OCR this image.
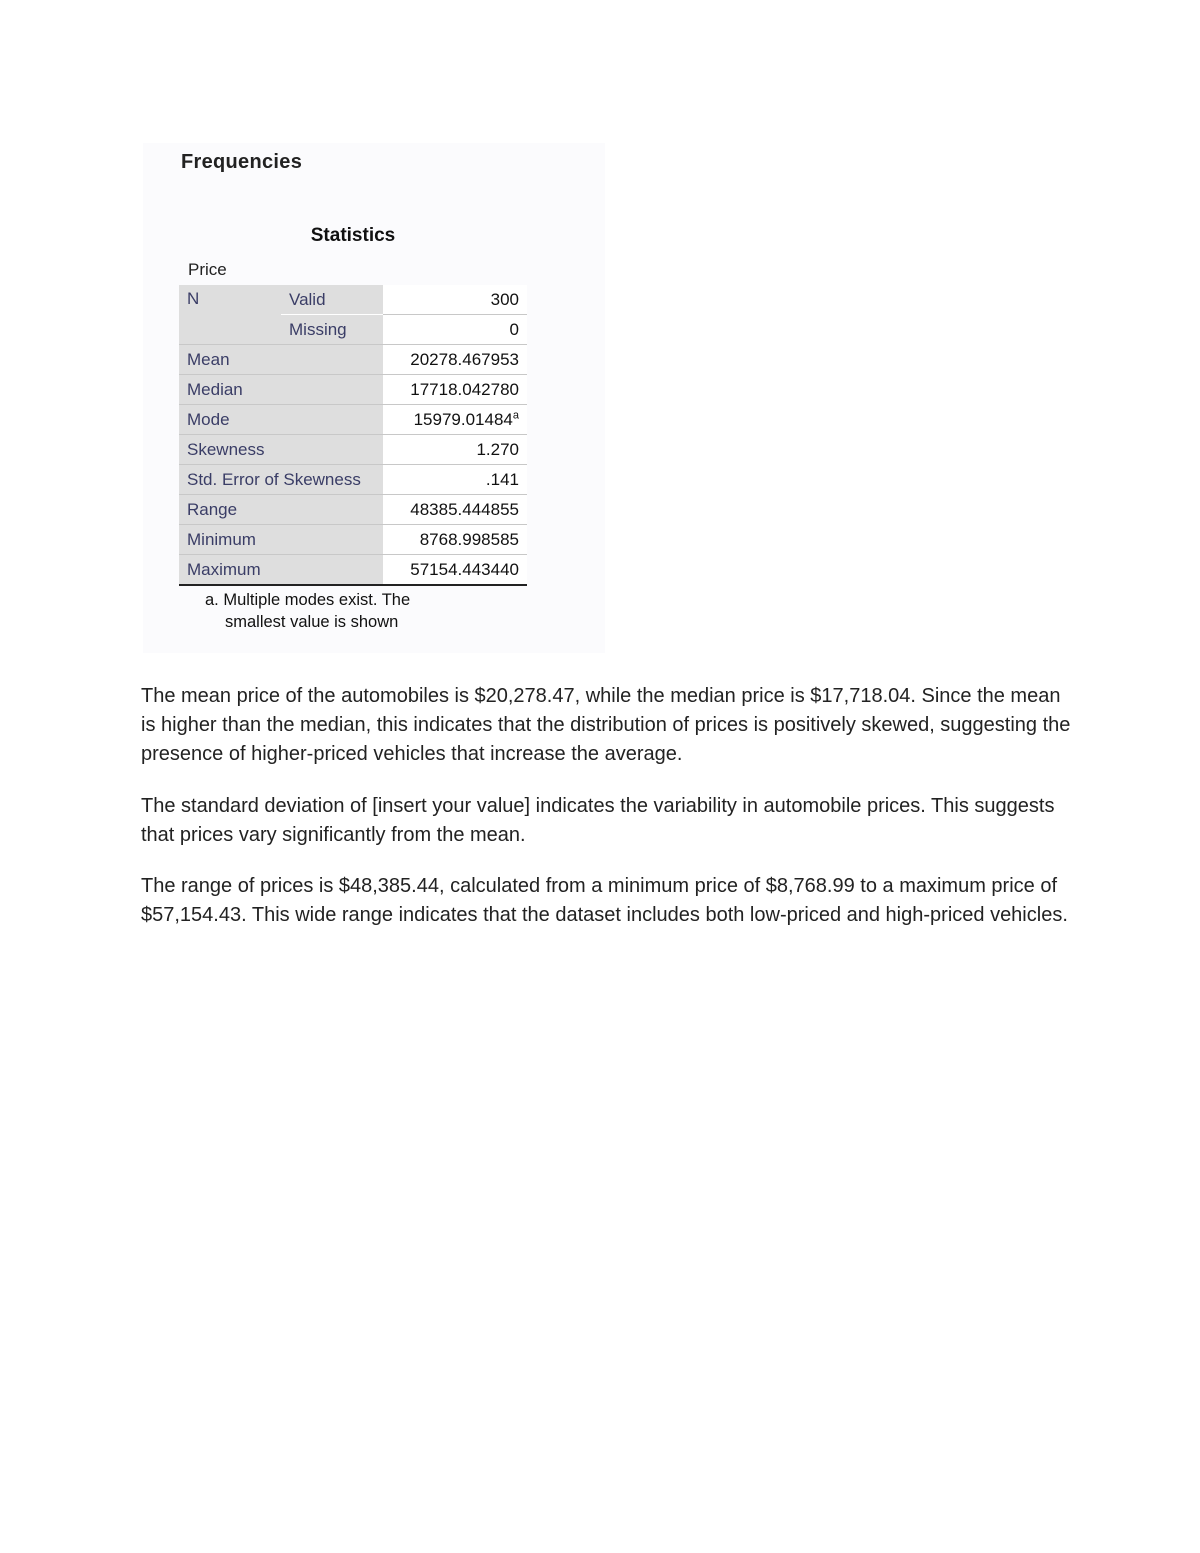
Frequencies
Statistics
Price
N	Valid	300
	Missing	0
Mean		20278.467953
Median		17718.042780
Mode		15979.01484$^a$
Skewness		1.270
Std. Error of Skewness		.141
Range		48385.444855
Minimum		8768.998585
Maximum		57154.443440
a. Multiple modes exist. The
smallest value is shown

The mean price of the automobiles is $20,278.47, while the median price is $17,718.04. Since the mean is higher than the median, this indicates that the distribution of prices is positively skewed, suggesting the presence of higher-priced vehicles that increase the average.

The standard deviation of [insert your value] indicates the variability in automobile prices. This suggests that prices vary significantly from the mean.

The range of prices is $48,385.44, calculated from a minimum price of $8,768.99 to a maximum price of $57,154.43. This wide range indicates that the dataset includes both low-priced and high-priced vehicles.
